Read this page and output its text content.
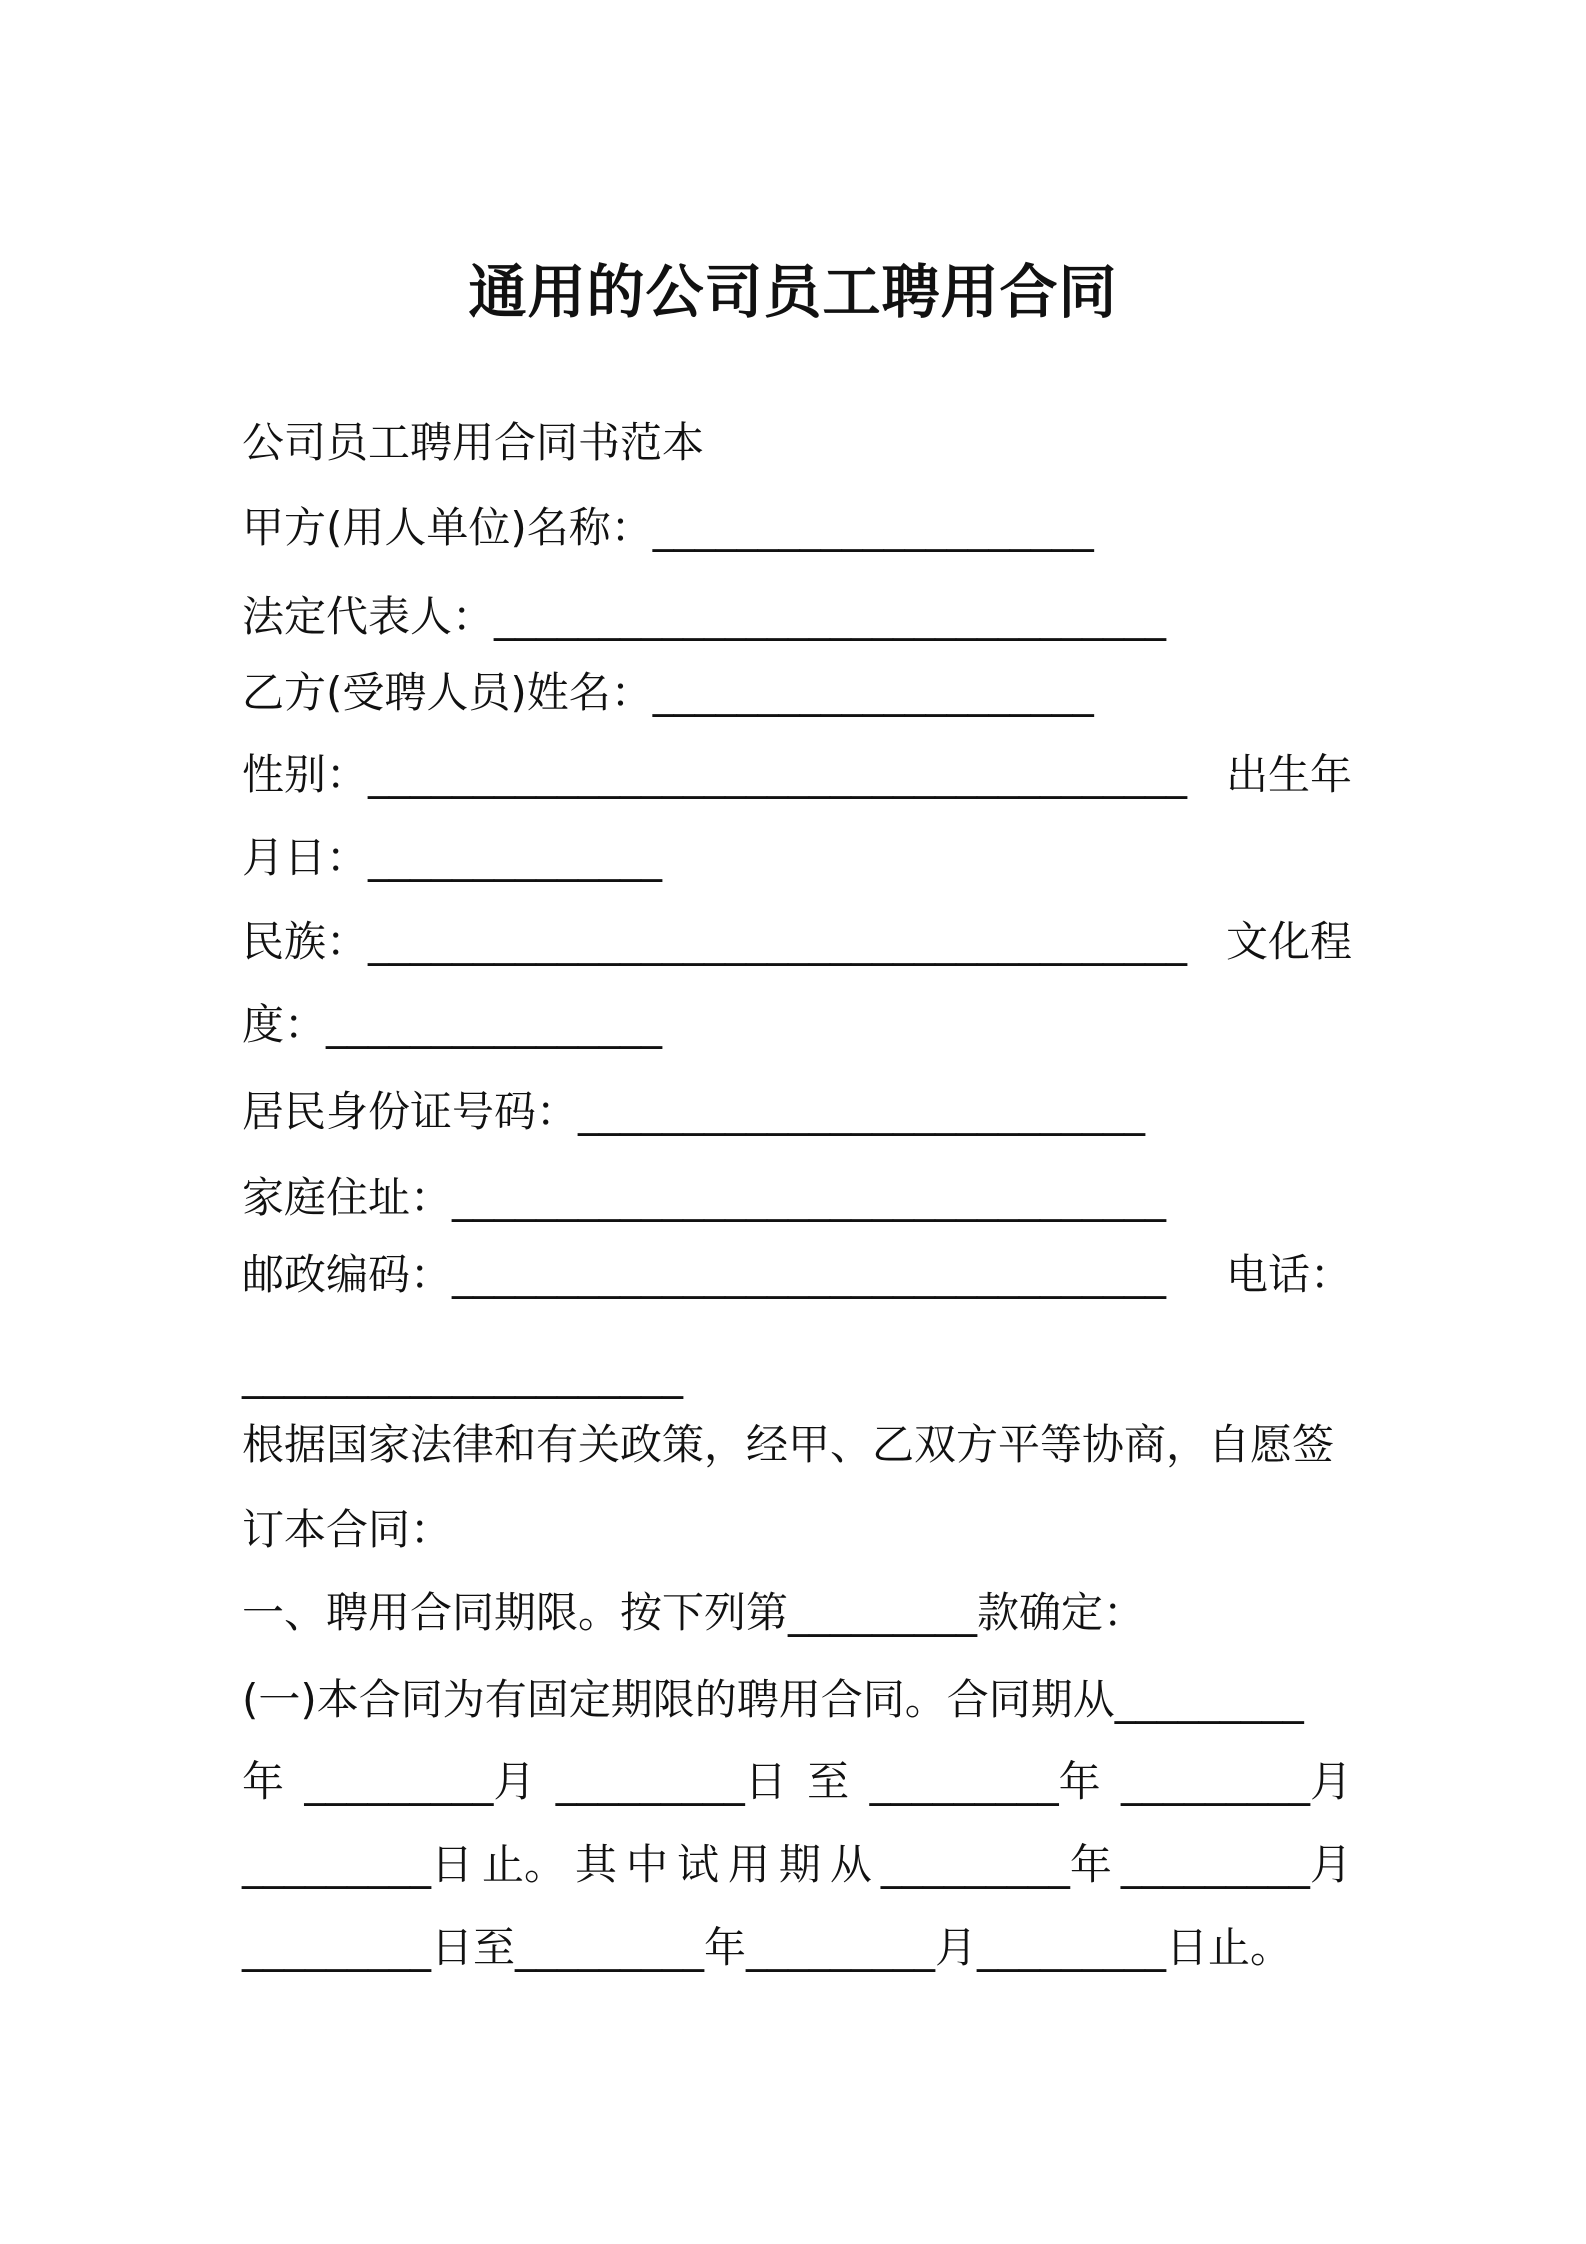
通用的公司员工聘用合同
公司员工聘用合同书范本
甲方(用人单位)名称：_____________________
法定代表人：________________________________
乙方(受聘人员)姓名：_____________________
性别：_______________________________________ 出生年
月日：______________
民族：_______________________________________ 文化程
度：________________
居民身份证号码：___________________________
家庭住址：__________________________________
邮政编码：__________________________________ 电话：
_____________________
根据国家法律和有关政策，经甲、乙双方平等协商，自愿签
订本合同：
一、聘用合同期限。按下列第_________款确定：
(一)本合同为有固定期限的聘用合同。合同期从_________
年 _________月 _________日 至 _________年 _________月
_________日 止。 其 中 试 用 期 从 _________年 _________月
_________日至_________年_________月_________日止。
